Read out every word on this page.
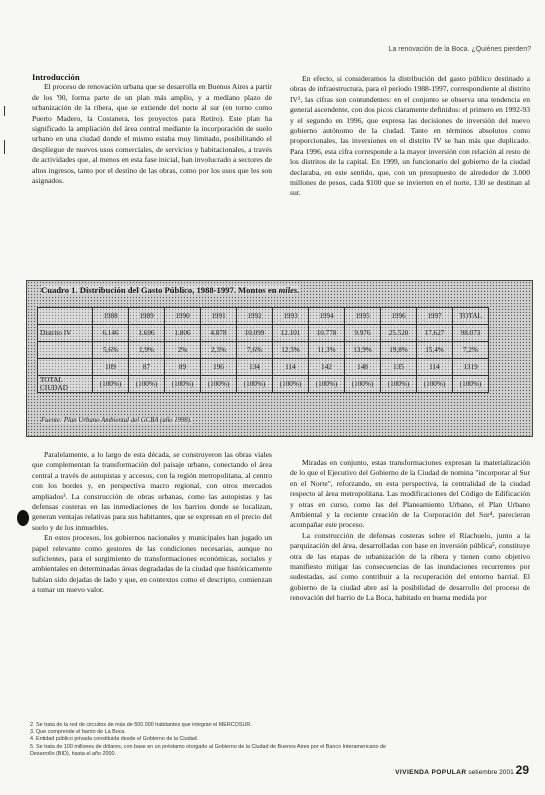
La renovación de la Boca. ¿Quiénes pierden?

Introducción

El proceso de renovación urbana que se desarrolla en Buenos Aires a partir de los '90, forma parte de un plan más amplio, y a mediano plazo de urbanización de la ribera, que se extiende del norte al sur (en torno como Puerto Madero, la Costanera, los proyectos para Retiro). Este plan ha significado la ampliación del área central mediante la incorporación de suelo urbano en una ciudad donde el mismo estaba muy limitado, posibilitando el despliegue de nuevos usos comerciales, de servicios y habitacionales, a través de actividades que, al menos en esta fase inicial, han involucrado a sectores de altos ingresos, tanto por el destino de las obras, como por los usos que les son asignados.

En efecto, si consideramos la distribución del gasto público destinado a obras de infraestructura, para el período 1988-1997, correspondiente al distrito IV², las cifras son contundentes: en el conjunto se observa una tendencia en general ascendente, con dos picos claramente definidos: el primero en 1992-93 y el segundo en 1996, que expresa las decisiones de inversión del nuevo gobierno autónomo de la ciudad. Tanto en términos absolutos como proporcionales, las inversiones en el distrito IV se han más que duplicado. Para 1996, esta cifra corresponde a la mayor inversión con relación al resto de los distritos de la capital. En 1999, un funcionario del gobierno de la ciudad declaraba, en este sentido, que, con un presupuesto de alrededor de 3.000 millones de pesos, cada $100 que se invierten en el norte, 130 se destinan al sur.

Cuadro 1. Distribución del Gasto Público, 1988-1997. Montos en miles.
	1988	1989	1990	1991	1992	1993	1994	1995	1996	1997	TOTAL
Distrito IV	6.146	1.696	1.806	4.878	10.099	12.101	10.778	9.976	25.520	17.627	98.073
	5,6%	1,9%	2%	2,3%	7,6%	12,5%	11,3%	13,9%	19,8%	15,4%	7,2%
	109	87	89	196	134	114	142	148	135	114	1319
TOTAL CIUDAD	(100%)	(100%)	(100%)	(100%)	(100%)	(100%)	(100%)	(100%)	(100%)	(100%)	(100%)
Fuente: Plan Urbano Ambiental del GCBA (año 1998).

Paralelamente, a lo largo de esta década, se construyeron las obras viales que complementan la transformación del paisaje urbano, conectando el área central a través de autopistas y accesos, con la región metropolitana, al centro con los bordes y, en perspectiva macro regional, con otros mercados ampliados³. La construcción de obras urbanas, como las autopistas y las defensas costeras en las inmediaciones de los barrios donde se localizan, generan ventajas relativas para sus habitantes, que se expresan en el precio del suelo y de los inmuebles.

En estos procesos, los gobiernos nacionales y municipales han jugado un papel relevante como gestores de las condiciones necesarias, aunque no suficientes, para el surgimiento de transformaciones económicas, sociales y ambientales en determinadas áreas degradadas de la ciudad que históricamente habían sido dejadas de lado y que, en contextos como el descripto, comienzan a tomar un nuevo valor.

Miradas en conjunto, estas transformaciones expresan la materialización de lo que el Ejecutivo del Gobierno de la Ciudad de nomina "incorporar al Sur en el Norte", reforzando, en esta perspectiva, la centralidad de la ciudad respecto al área metropolitana. Las modificaciones del Código de Edificación y otras en curso, como las del Planeamiento Urbano, el Plan Urbano Ambiental y la reciente creación de la Corporación del Sur⁴, parecieran acompañar este proceso.

La construcción de defensas costeras sobre el Riachuelo, junto a la parquización del área, desarrolladas con base en inversión pública⁵, constituye otra de las etapas de urbanización de la ribera y tienen como objetivo manifiesto mitigar las consecuencias de las inundaciones recurrentes por sudestadas, así como contribuir a la recuperación del entorno barrial. El gobierno de la ciudad abre así la posibilidad de desarrollo del proceso de renovación del barrio de La Boca, habitado en buena medida por

2. Se trata de la red de circuitos de más de 500.000 habitantes que integran el MERCOSUR.
3. Que comprende el barrio de La Boca.
4. Entidad público privada constituida desde el Gobierno de la Ciudad.
5. Se trata de 100 millones de dólares, con base en un préstamo otorgado al Gobierno de la Ciudad de Buenos Aires por el Banco Interamericano de
Desarrollo (BID), hasta el año 2000.
VIVIENDA POPULAR setiembre 2001 29
